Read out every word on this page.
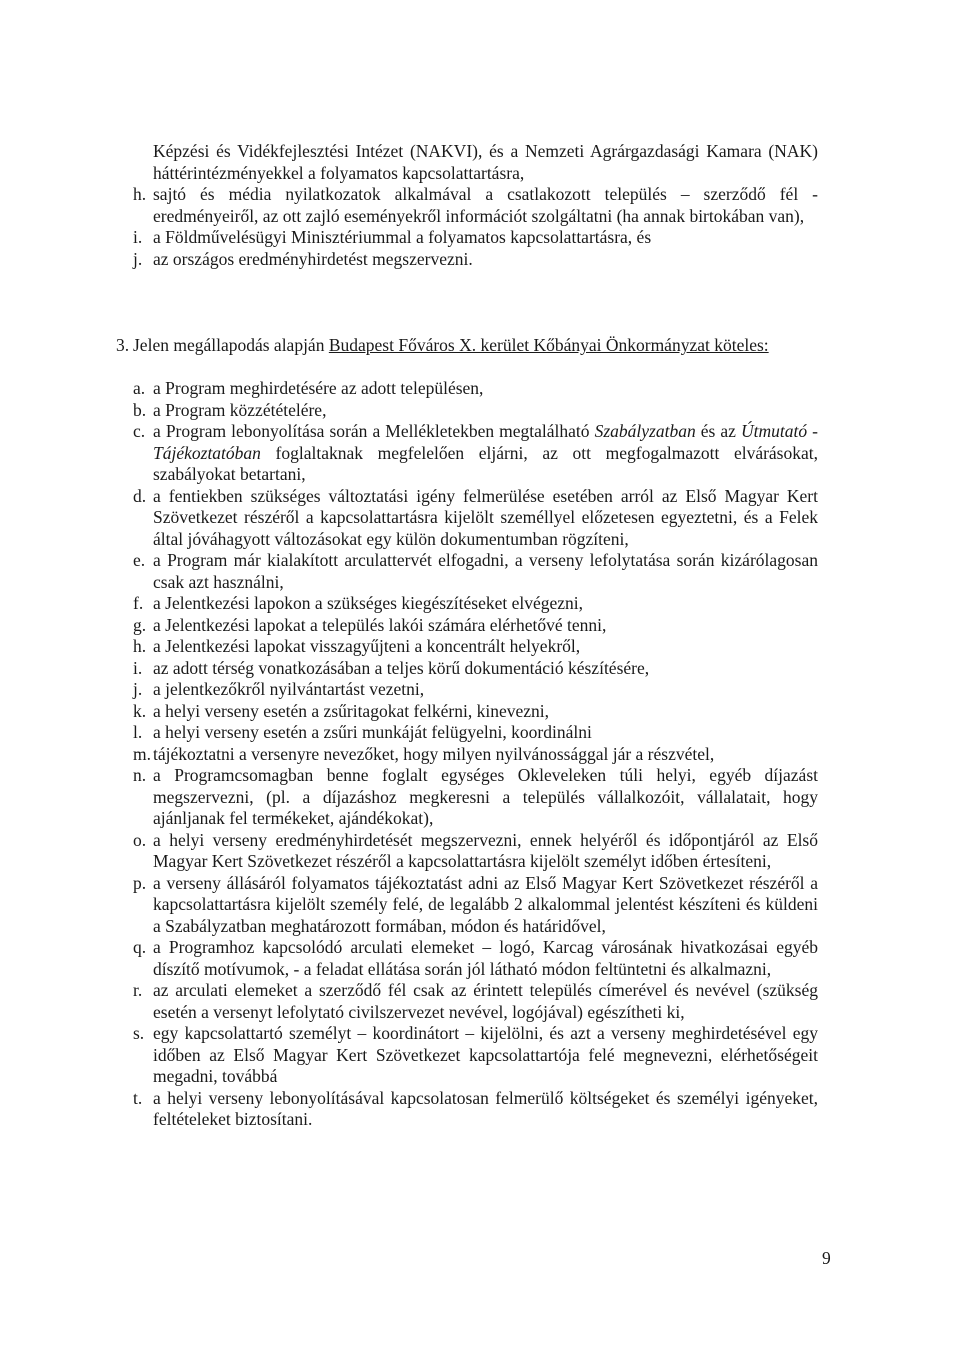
Képzési és Vidékfejlesztési Intézet (NAKVI), és a Nemzeti Agrárgazdasági Kamara (NAK) háttérintézményekkel a folyamatos kapcsolattartásra,
h. sajtó és média nyilatkozatok alkalmával a csatlakozott település – szerződő fél - eredményeiről, az ott zajló eseményekről információt szolgáltatni (ha annak birtokában van),
i. a Földművelésügyi Minisztériummal a folyamatos kapcsolattartásra, és
j. az országos eredményhirdetést megszervezni.
3. Jelen megállapodás alapján Budapest Főváros X. kerület Kőbányai Önkormányzat köteles:
a. a Program meghirdetésére az adott településen,
b. a Program közzétételére,
c. a Program lebonyolítása során a Mellékletekben megtalálható Szabályzatban és az Útmutató - Tájékoztatóban foglaltaknak megfelelően eljárni, az ott megfogalmazott elvárásokat, szabályokat betartani,
d. a fentiekben szükséges változtatási igény felmerülése esetében arról az Első Magyar Kert Szövetkezet részéről a kapcsolattartásra kijelölt személlyel előzetesen egyeztetni, és a Felek által jóváhagyott változásokat egy külön dokumentumban rögzíteni,
e. a Program már kialakított arculattervét elfogadni, a verseny lefolytatása során kizárólagosan csak azt használni,
f. a Jelentkezési lapokon a szükséges kiegészítéseket elvégezni,
g. a Jelentkezési lapokat a település lakói számára elérhetővé tenni,
h. a Jelentkezési lapokat visszagyűjteni a koncentrált helyekről,
i. az adott térség vonatkozásában a teljes körű dokumentáció készítésére,
j. a jelentkezőkről nyilvántartást vezetni,
k. a helyi verseny esetén a zsűritagokat felkérni, kinevezni,
l. a helyi verseny esetén a zsűri munkáját felügyelni, koordinálni
m. tájékoztatni a versenyre nevezőket, hogy milyen nyilvánossággal jár a részvétel,
n. a Programcsomagban benne foglalt egységes Okleveleken túli helyi, egyéb díjazást megszervezni, (pl. a díjazáshoz megkeresni a település vállalkozóit, vállalatait, hogy ajánljanak fel termékeket, ajándékokat),
o. a helyi verseny eredményhirdetését megszervezni, ennek helyéről és időpontjáról az Első Magyar Kert Szövetkezet részéről a kapcsolattartásra kijelölt személyt időben értesíteni,
p. a verseny állásáról folyamatos tájékoztatást adni az Első Magyar Kert Szövetkezet részéről a kapcsolattartásra kijelölt személy felé, de legalább 2 alkalommal jelentést készíteni és küldeni a Szabályzatban meghatározott formában, módon és határidővel,
q. a Programhoz kapcsolódó arculati elemeket – logó, Karcag városának hivatkozásai egyéb díszítő motívumok, - a feladat ellátása során jól látható módon feltüntetni és alkalmazni,
r. az arculati elemeket a szerződő fél csak az érintett település címerével és nevével (szükség esetén a versenyt lefolytató civilszervezet nevével, logójával) egészítheti ki,
s. egy kapcsolattartó személyt – koordinátort – kijelölni, és azt a verseny meghirdetésével egy időben az Első Magyar Kert Szövetkezet kapcsolattartója felé megnevezni, elérhetőségeit megadni, továbbá
t. a helyi verseny lebonyolításával kapcsolatosan felmerülő költségeket és személyi igényeket, feltételeket biztosítani.
9
